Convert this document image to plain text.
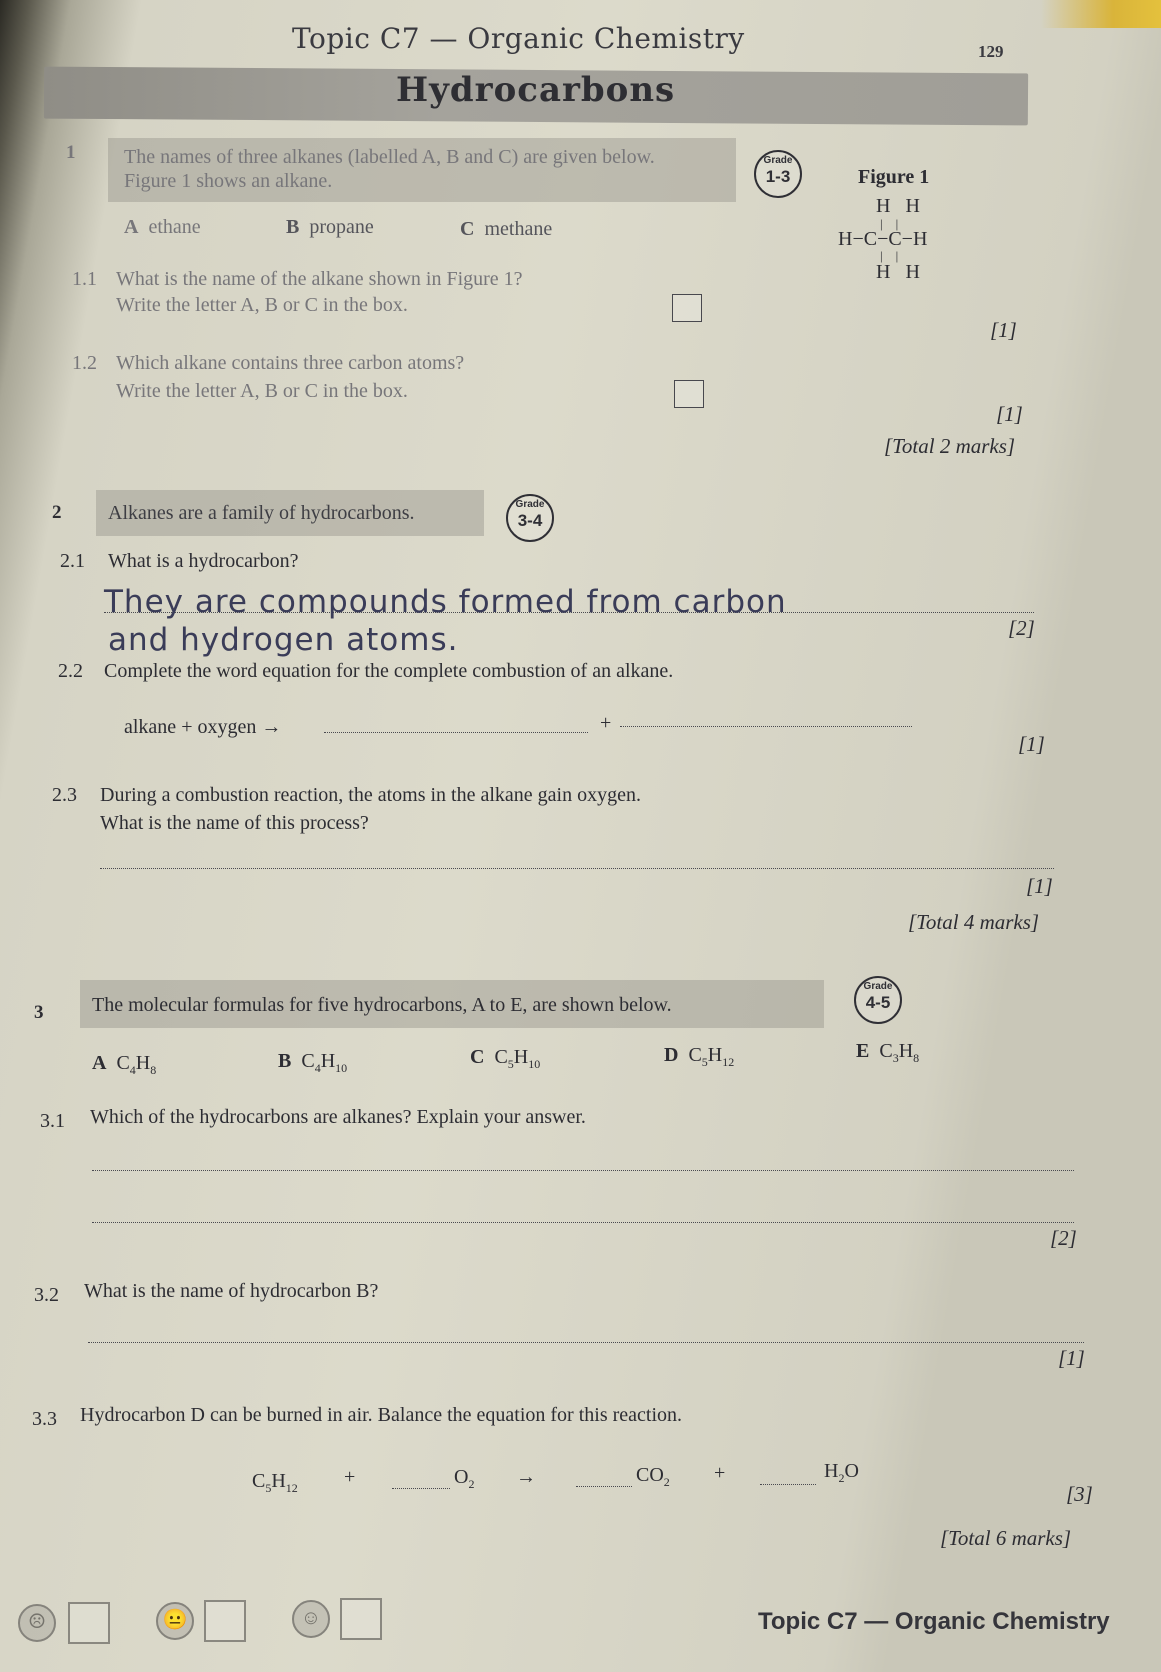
Topic C7 — Organic Chemistry	129
Hydrocarbons
1 The names of three alkanes (labelled A, B and C) are given below.
Figure 1 shows an alkane.
Grade
1-3
A ethane	B propane	C methane
Figure 1
H   H
|    |
H−C−C−H
|    |
H   H
1.1 What is the name of the alkane shown in Figure 1?
Write the letter A, B or C in the box.
[1]
1.2 Which alkane contains three carbon atoms?
Write the letter A, B or C in the box.
[1]
[Total 2 marks]
2 Alkanes are a family of hydrocarbons.	Grade
3-4
2.1 What is a hydrocarbon?
They are compounds formed from carbon
and hydrogen atoms.	[2]
2.2 Complete the word equation for the complete combustion of an alkane.
alkane + oxygen →	+
[1]
2.3 During a combustion reaction, the atoms in the alkane gain oxygen.
What is the name of this process?
[1]
[Total 4 marks]
3 The molecular formulas for five hydrocarbons, A to E, are shown below.
Grade
4-5
A $C_4H_8$	B $C_4H_{10}$	C $C_5H_{10}$	D $C_5H_{12}$	E $C_3H_8$
3.1 Which of the hydrocarbons are alkanes? Explain your answer.
[2]
3.2 What is the name of hydrocarbon B?
[1]
3.3 Hydrocarbon D can be burned in air. Balance the equation for this reaction.
$C_5H_{12}$ +	$O_2$ →	$CO_2$ +	$H_2O$
[3]
[Total 6 marks]
☹	😐	☺	Topic C7 — Organic Chemistry
